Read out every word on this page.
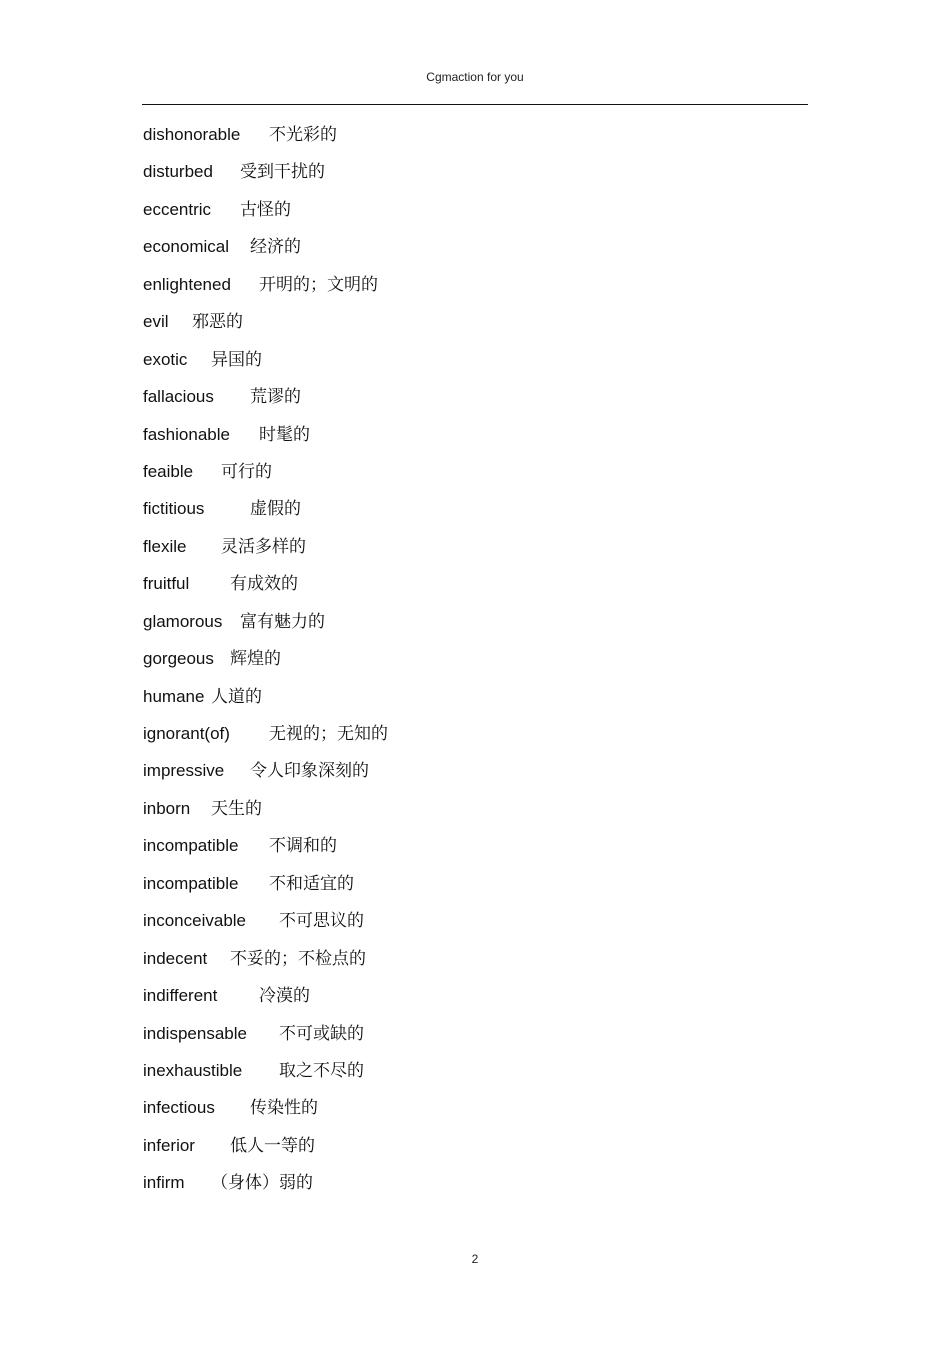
Cgmaction for you
dishonorable 不光彩的
disturbed 受到干扰的
eccentric 古怪的
economical 经济的
enlightened 开明的；文明的
evil 邪恶的
exotic 异国的
fallacious 荒谬的
fashionable 时髦的
feaible 可行的
fictitious	虚假的
flexile 灵活多样的
fruitful 有成效的
glamorous 富有魅力的
gorgeous 辉煌的
humane 人道的
ignorant(of) 无视的；无知的
impressive 令人印象深刻的
inborn 天生的
incompatible 不调和的
incompatible 不和适宜的
inconceivable 不可思议的
indecent 不妥的；不检点的
indifferent 冷漠的
indispensable 不可或缺的
inexhaustible 取之不尽的
infectious 传染性的
inferior 低人一等的
infirm （身体）弱的
2
